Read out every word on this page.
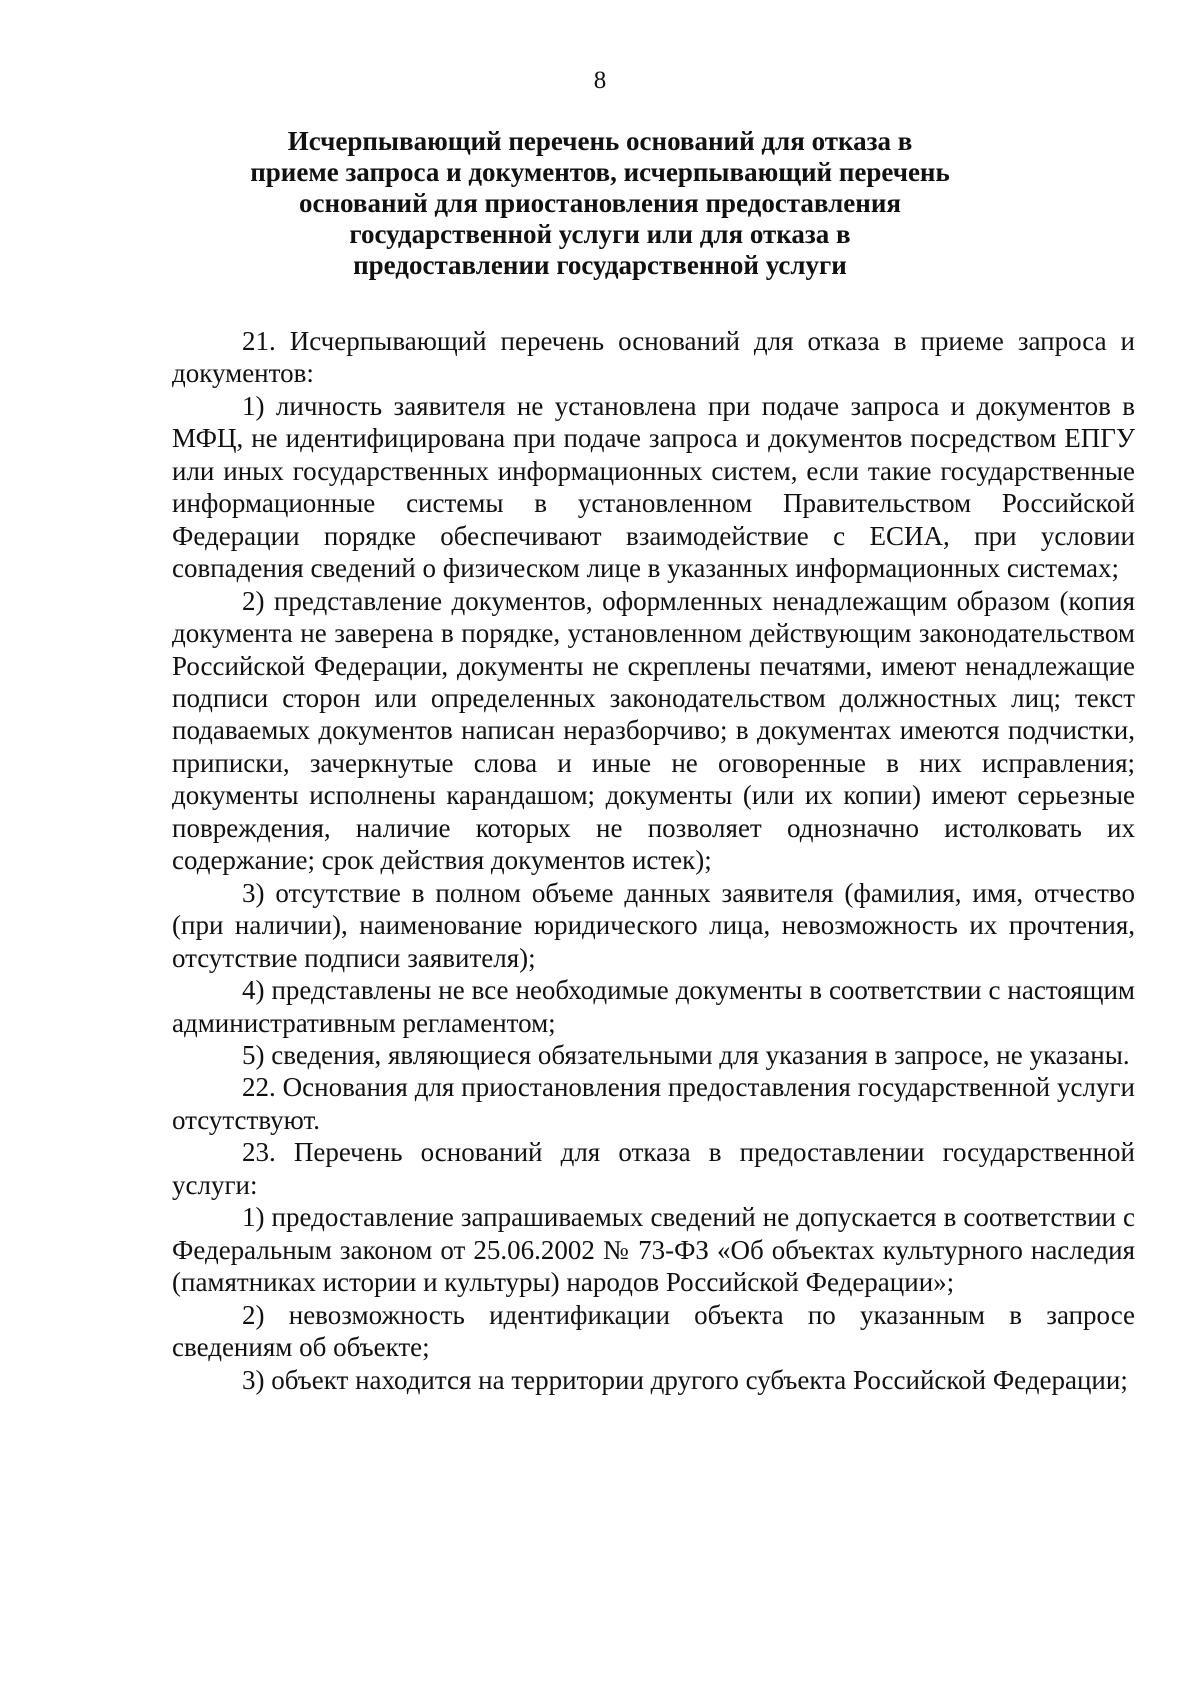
8
Исчерпывающий перечень оснований для отказа в
приеме запроса и документов, исчерпывающий перечень
оснований для приостановления предоставления
государственной услуги или для отказа в
предоставлении государственной услуги

21. Исчерпывающий перечень оснований для отказа в приеме запроса и документов:

1) личность заявителя не установлена при подаче запроса и документов в МФЦ, не идентифицирована при подаче запроса и документов посредством ЕПГУ или иных государственных информационных систем, если такие государственные информационные системы в установленном Правительством Российской Федерации порядке обеспечивают взаимодействие с ЕСИА, при условии совпадения сведений о физическом лице в указанных информационных системах;

2) представление документов, оформленных ненадлежащим образом (копия документа не заверена в порядке, установленном действующим законодательством Российской Федерации, документы не скреплены печатями, имеют ненадлежащие подписи сторон или определенных законодательством должностных лиц; текст подаваемых документов написан неразборчиво; в документах имеются подчистки, приписки, зачеркнутые слова и иные не оговоренные в них исправления; документы исполнены карандашом; документы (или их копии) имеют серьезные повреждения, наличие которых не позволяет однозначно истолковать их содержание; срок действия документов истек);

3) отсутствие в полном объеме данных заявителя (фамилия, имя, отчество (при наличии), наименование юридического лица, невозможность их прочтения, отсутствие подписи заявителя);

4) представлены не все необходимые документы в соответствии с настоящим административным регламентом;

5) сведения, являющиеся обязательными для указания в запросе, не указаны.

22. Основания для приостановления предоставления государственной услуги отсутствуют.

23. Перечень оснований для отказа в предоставлении государственной услуги:

1) предоставление запрашиваемых сведений не допускается в соответствии с Федеральным законом от 25.06.2002 № 73-ФЗ «Об объектах культурного наследия (памятниках истории и культуры) народов Российской Федерации»;

2) невозможность идентификации объекта по указанным в запросе сведениям об объекте;

3) объект находится на территории другого субъекта Российской Федерации;
